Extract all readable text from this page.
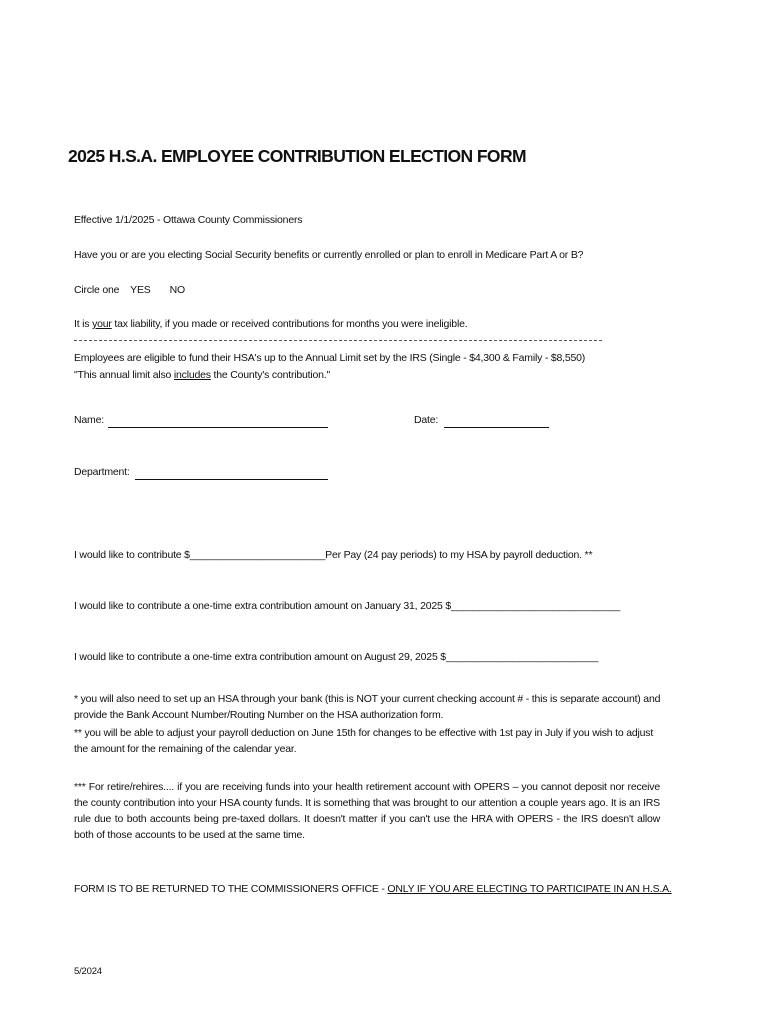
2025 H.S.A. EMPLOYEE CONTRIBUTION ELECTION FORM
Effective 1/1/2025 - Ottawa County Commissioners
Have you or are you electing Social Security benefits or currently enrolled or plan to enroll in Medicare Part A or B?
Circle one YES NO
It is your tax liability, if you made or received contributions for months you were ineligible.
Employees are eligible to fund their HSA's up to the Annual Limit set by the IRS (Single - $4,300 & Family - $8,550)
"This annual limit also includes the County's contribution."
Name:	Date:
Department:
I would like to contribute $________________________Per Pay (24 pay periods) to my HSA by payroll deduction. **
I would like to contribute a one-time extra contribution amount on January 31, 2025 $______________________________
I would like to contribute a one-time extra contribution amount on August 29, 2025 $___________________________
* you will also need to set up an HSA through your bank (this is NOT your current checking account # - this is separate account) and provide the Bank Account Number/Routing Number on the HSA authorization form.
** you will be able to adjust your payroll deduction on June 15th for changes to be effective with 1st pay in July if you wish to adjust the amount for the remaining of the calendar year.
*** For retire/rehires.... if you are receiving funds into your health retirement account with OPERS – you cannot deposit nor receive the county contribution into your HSA county funds. It is something that was brought to our attention a couple years ago. It is an IRS rule due to both accounts being pre-taxed dollars. It doesn't matter if you can't use the HRA with OPERS - the IRS doesn't allow both of those accounts to be used at the same time.
FORM IS TO BE RETURNED TO THE COMMISSIONERS OFFICE - ONLY IF YOU ARE ELECTING TO PARTICIPATE IN AN H.S.A.
5/2024
